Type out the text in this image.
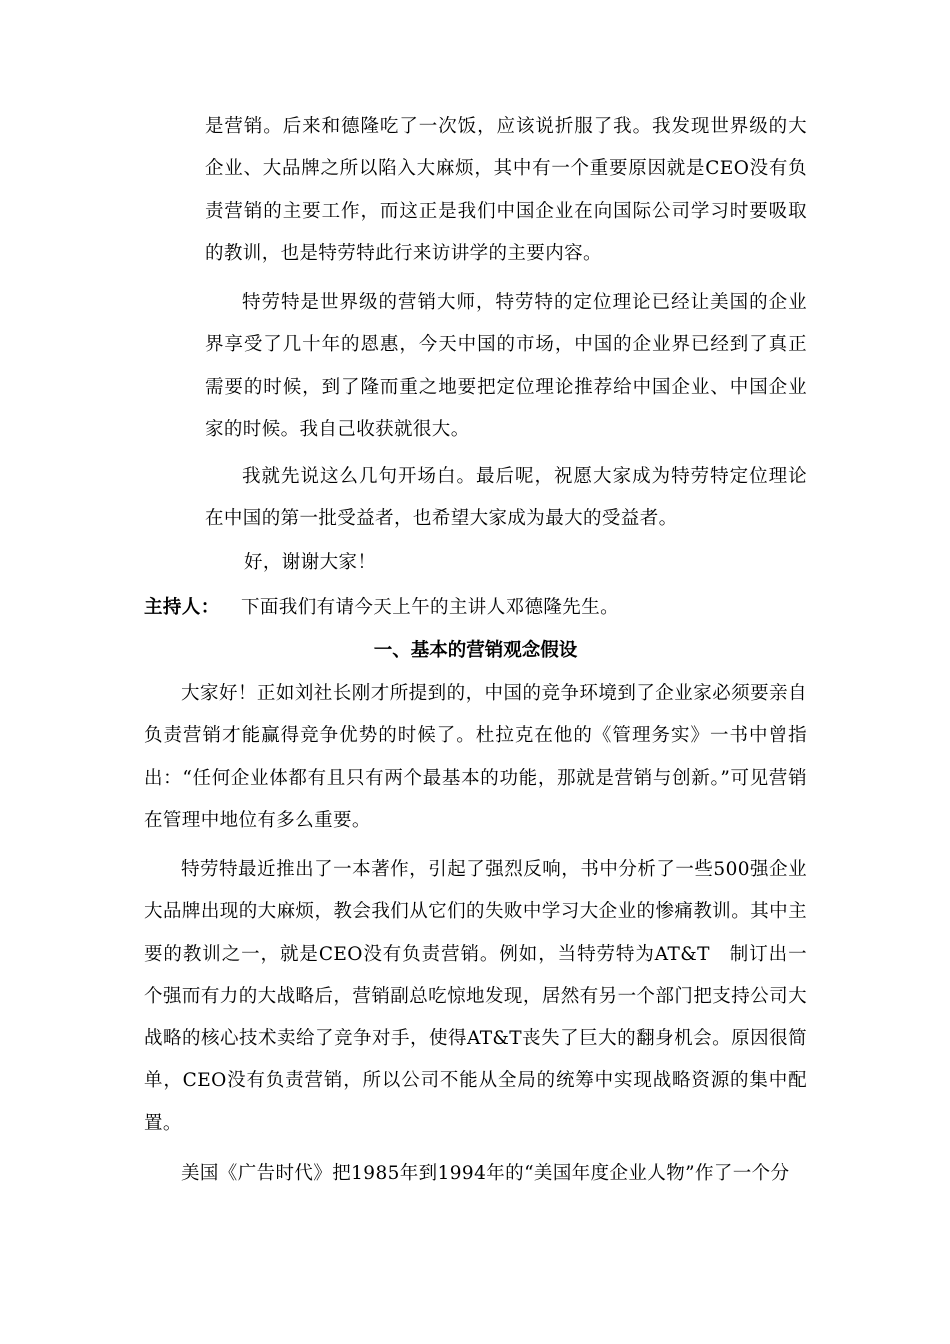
是营销。后来和德隆吃了一次饭，应该说折服了我。我发现世界级的大企业、大品牌之所以陷入大麻烦，其中有一个重要原因就是CEO没有负责营销的主要工作，而这正是我们中国企业在向国际公司学习时要吸取的教训，也是特劳特此行来访讲学的主要内容。

特劳特是世界级的营销大师，特劳特的定位理论已经让美国的企业界享受了几十年的恩惠，今天中国的市场，中国的企业界已经到了真正需要的时候，到了隆而重之地要把定位理论推荐给中国企业、中国企业家的时候。我自己收获就很大。

我就先说这么几句开场白。最后呢，祝愿大家成为特劳特定位理论在中国的第一批受益者，也希望大家成为最大的受益者。

好，谢谢大家！

主持人： 下面我们有请今天上午的主讲人邓德隆先生。
一、基本的营销观念假设

大家好！正如刘社长刚才所提到的，中国的竞争环境到了企业家必须要亲自负责营销才能赢得竞争优势的时候了。杜拉克在他的《管理务实》一书中曾指出：“任何企业体都有且只有两个最基本的功能，那就是营销与创新。”可见营销在管理中地位有多么重要。

特劳特最近推出了一本著作，引起了强烈反响，书中分析了一些500强企业大品牌出现的大麻烦，教会我们从它们的失败中学习大企业的惨痛教训。其中主要的教训之一，就是CEO没有负责营销。例如，当特劳特为AT&T　制订出一个强而有力的大战略后，营销副总吃惊地发现，居然有另一个部门把支持公司大战略的核心技术卖给了竞争对手，使得AT&T丧失了巨大的翻身机会。原因很简单，CEO没有负责营销，所以公司不能从全局的统筹中实现战略资源的集中配置。

美国《广告时代》把1985年到1994年的“美国年度企业人物”作了一个分
